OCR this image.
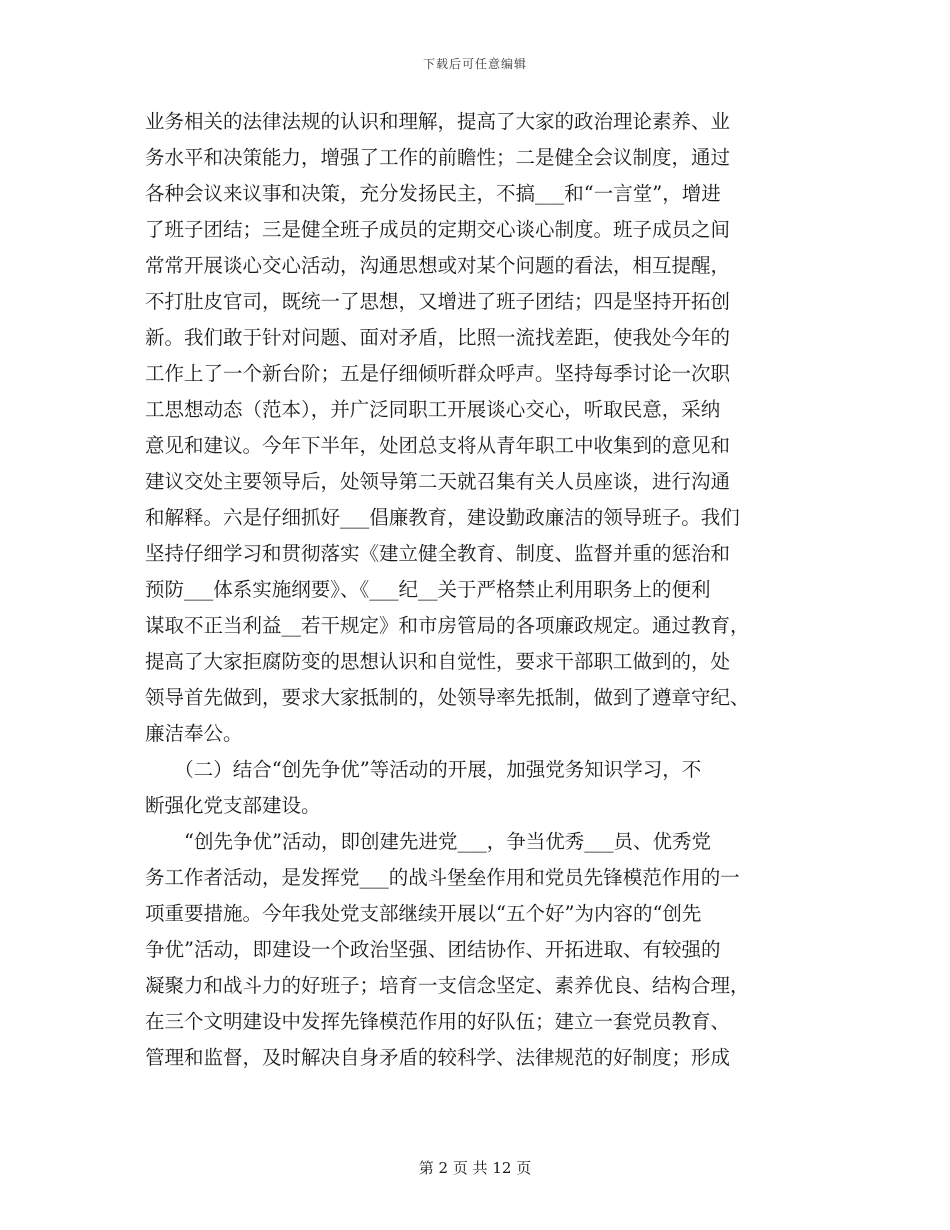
下载后可任意编辑
业务相关的法律法规的认识和理解，提高了大家的政治理论素养、业
务水平和决策能力，增强了工作的前瞻性；二是健全会议制度，通过
各种会议来议事和决策，充分发扬民主，不搞___和“一言堂”，增进
了班子团结；三是健全班子成员的定期交心谈心制度。班子成员之间
常常开展谈心交心活动，沟通思想或对某个问题的看法，相互提醒，
不打肚皮官司，既统一了思想，又增进了班子团结；四是坚持开拓创
新。我们敢于针对问题、面对矛盾，比照一流找差距，使我处今年的
工作上了一个新台阶；五是仔细倾听群众呼声。坚持每季讨论一次职
工思想动态（范本），并广泛同职工开展谈心交心，听取民意，采纳
意见和建议。今年下半年，处团总支将从青年职工中收集到的意见和
建议交处主要领导后，处领导第二天就召集有关人员座谈，进行沟通
和解释。六是仔细抓好___倡廉教育，建设勤政廉洁的领导班子。我们
坚持仔细学习和贯彻落实《建立健全教育、制度、监督并重的惩治和
预防___体系实施纲要》、《___纪__关于严格禁止利用职务上的便利
谋取不正当利益__若干规定》和市房管局的各项廉政规定。通过教育，
提高了大家拒腐防变的思想认识和自觉性，要求干部职工做到的，处
领导首先做到，要求大家抵制的，处领导率先抵制，做到了遵章守纪、
廉洁奉公。
　　（二）结合“创先争优”等活动的开展，加强党务知识学习，不
断强化党支部建设。
　　“创先争优”活动，即创建先进党___，争当优秀___员、优秀党
务工作者活动，是发挥党___的战斗堡垒作用和党员先锋模范作用的一
项重要措施。今年我处党支部继续开展以“五个好”为内容的“创先
争优”活动，即建设一个政治坚强、团结协作、开拓进取、有较强的
凝聚力和战斗力的好班子；培育一支信念坚定、素养优良、结构合理，
在三个文明建设中发挥先锋模范作用的好队伍；建立一套党员教育、
管理和监督，及时解决自身矛盾的较科学、法律规范的好制度；形成
第 2 页 共 12 页
